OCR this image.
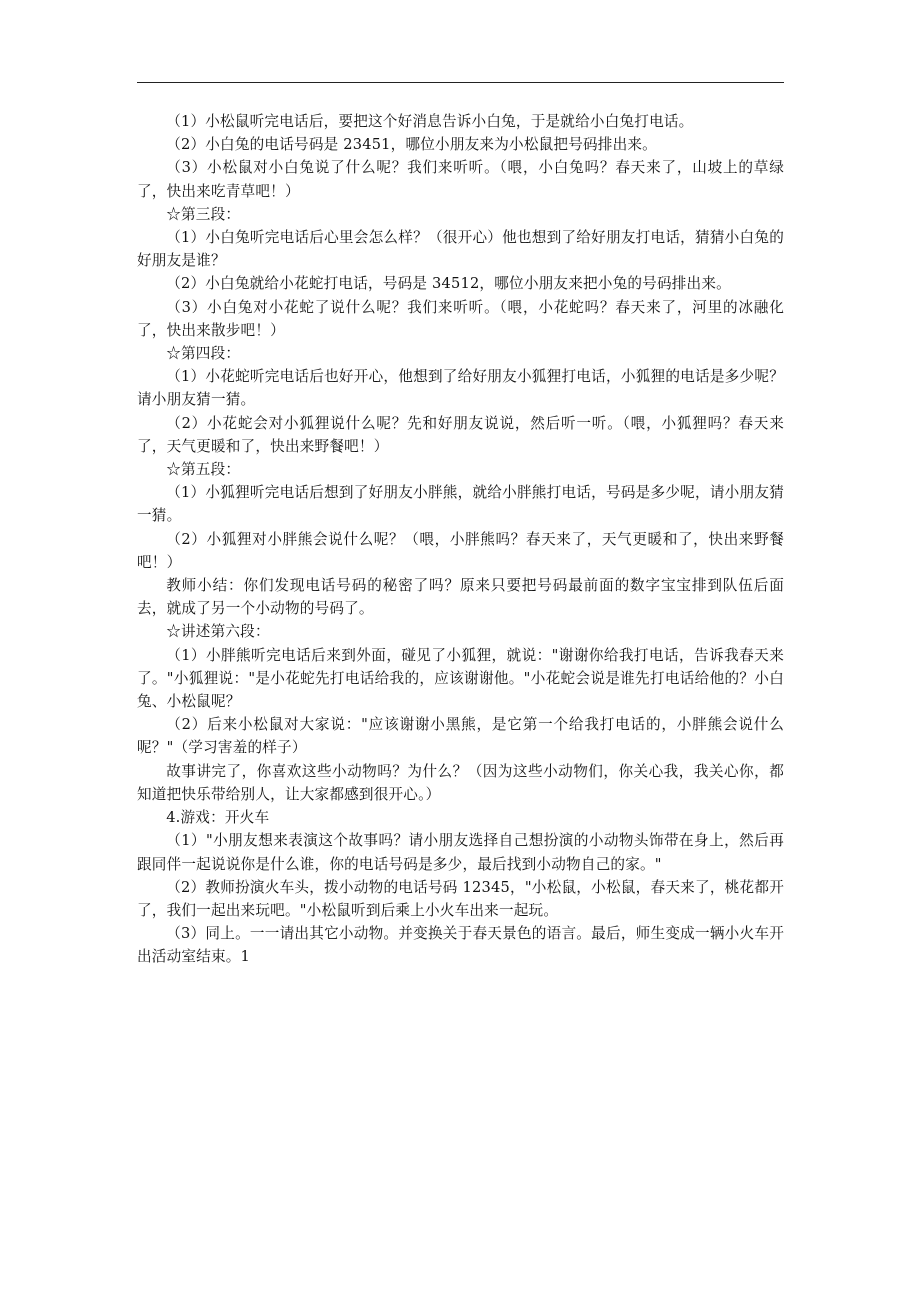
（1）小松鼠听完电话后，要把这个好消息告诉小白兔，于是就给小白兔打电话。

（2）小白兔的电话号码是 23451，哪位小朋友来为小松鼠把号码排出来。

（3）小松鼠对小白兔说了什么呢？我们来听听。（喂，小白兔吗？春天来了，山坡上的草绿了，快出来吃青草吧！）

☆第三段：

（1）小白兔听完电话后心里会怎么样？（很开心）他也想到了给好朋友打电话，猜猜小白兔的好朋友是谁？

（2）小白兔就给小花蛇打电话，号码是 34512，哪位小朋友来把小兔的号码排出来。

（3）小白兔对小花蛇了说什么呢？我们来听听。（喂，小花蛇吗？春天来了，河里的冰融化了，快出来散步吧！）

☆第四段：

（1）小花蛇听完电话后也好开心，他想到了给好朋友小狐狸打电话，小狐狸的电话是多少呢？请小朋友猜一猜。

（2）小花蛇会对小狐狸说什么呢？先和好朋友说说，然后听一听。（喂，小狐狸吗？春天来了，天气更暖和了，快出来野餐吧！）

☆第五段：

（1）小狐狸听完电话后想到了好朋友小胖熊，就给小胖熊打电话，号码是多少呢，请小朋友猜一猜。

（2）小狐狸对小胖熊会说什么呢？（喂，小胖熊吗？春天来了，天气更暖和了，快出来野餐吧！）

教师小结：你们发现电话号码的秘密了吗？原来只要把号码最前面的数字宝宝排到队伍后面去，就成了另一个小动物的号码了。

☆讲述第六段：

（1）小胖熊听完电话后来到外面，碰见了小狐狸，就说："谢谢你给我打电话，告诉我春天来了。"小狐狸说："是小花蛇先打电话给我的，应该谢谢他。"小花蛇会说是谁先打电话给他的？小白兔、小松鼠呢？

（2）后来小松鼠对大家说："应该谢谢小黑熊，是它第一个给我打电话的，小胖熊会说什么呢？"（学习害羞的样子）

故事讲完了，你喜欢这些小动物吗？为什么？（因为这些小动物们，你关心我，我关心你，都知道把快乐带给别人，让大家都感到很开心。）

4.游戏：开火车

（1）"小朋友想来表演这个故事吗？请小朋友选择自己想扮演的小动物头饰带在身上，然后再跟同伴一起说说你是什么谁，你的电话号码是多少，最后找到小动物自己的家。"

（2）教师扮演火车头，拨小动物的电话号码 12345，"小松鼠，小松鼠，春天来了，桃花都开了，我们一起出来玩吧。"小松鼠听到后乘上小火车出来一起玩。

（3）同上。一一请出其它小动物。并变换关于春天景色的语言。最后，师生变成一辆小火车开出活动室结束。1
